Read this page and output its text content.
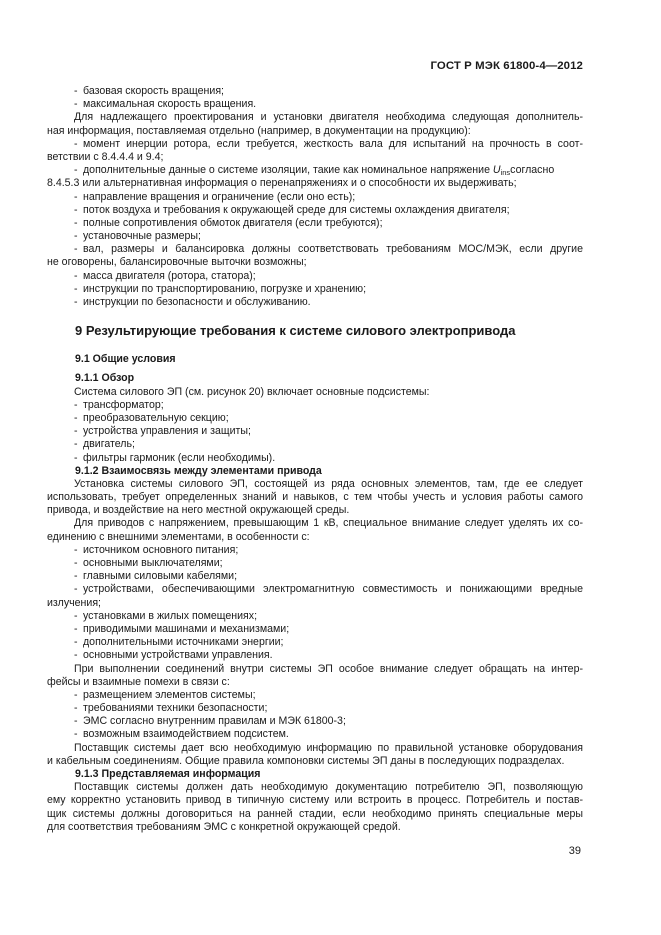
ГОСТ Р МЭК 61800-4—2012
- базовая скорость вращения;
- максимальная скорость вращения.
Для надлежащего проектирования и установки двигателя необходима следующая дополнитель-
ная информация, поставляемая отдельно (например, в документации на продукцию):
- момент инерции ротора, если требуется, жесткость вала для испытаний на прочность в соот-
ветствии с 8.4.4.4 и 9.4;
- дополнительные данные о системе изоляции, такие как номинальное напряжение $U_{ins}согласно$
8.4.5.3 или альтернативная информация о перенапряжениях и о способности их выдерживать;
- направление вращения и ограничение (если оно есть);
- поток воздуха и требования к окружающей среде для системы охлаждения двигателя;
- полные сопротивления обмоток двигателя (если требуются);
- установочные размеры;
- вал, размеры и балансировка должны соответствовать требованиям МОС/МЭК, если другие
не оговорены, балансировочные выточки возможны;
- масса двигателя (ротора, статора);
- инструкции по транспортированию, погрузке и хранению;
- инструкции по безопасности и обслуживанию.
9 Результирующие требования к системе силового электропривода
9.1 Общие условия
9.1.1 Обзор
Система силового ЭП (см. рисунок 20) включает основные подсистемы:
- трансформатор;
- преобразовательную секцию;
- устройства управления и защиты;
- двигатель;
- фильтры гармоник (если необходимы).
9.1.2 Взаимосвязь между элементами привода
Установка системы силового ЭП, состоящей из ряда основных элементов, там, где ее следует
использовать, требует определенных знаний и навыков, с тем чтобы учесть и условия работы самого
привода, и воздействие на него местной окружающей среды.
Для приводов с напряжением, превышающим 1 кВ, специальное внимание следует уделять их со-
единению с внешними элементами, в особенности с:
- источником основного питания;
- основными выключателями;
- главными силовыми кабелями;
- устройствами, обеспечивающими электромагнитную совместимость и понижающими вредные
излучения;
- установками в жилых помещениях;
- приводимыми машинами и механизмами;
- дополнительными источниками энергии;
- основными устройствами управления.
При выполнении соединений внутри системы ЭП особое внимание следует обращать на интер-
фейсы и взаимные помехи в связи с:
- размещением элементов системы;
- требованиями техники безопасности;
- ЭМС согласно внутренним правилам и МЭК 61800-3;
- возможным взаимодействием подсистем.
Поставщик системы дает всю необходимую информацию по правильной установке оборудования
и кабельным соединениям. Общие правила компоновки системы ЭП даны в последующих подразделах.
9.1.3 Представляемая информация
Поставщик системы должен дать необходимую документацию потребителю ЭП, позволяющую
ему корректно установить привод в типичную систему или встроить в процесс. Потребитель и постав-
щик системы должны договориться на ранней стадии, если необходимо принять специальные меры
для соответствия требованиям ЭМС с конкретной окружающей средой.
39
